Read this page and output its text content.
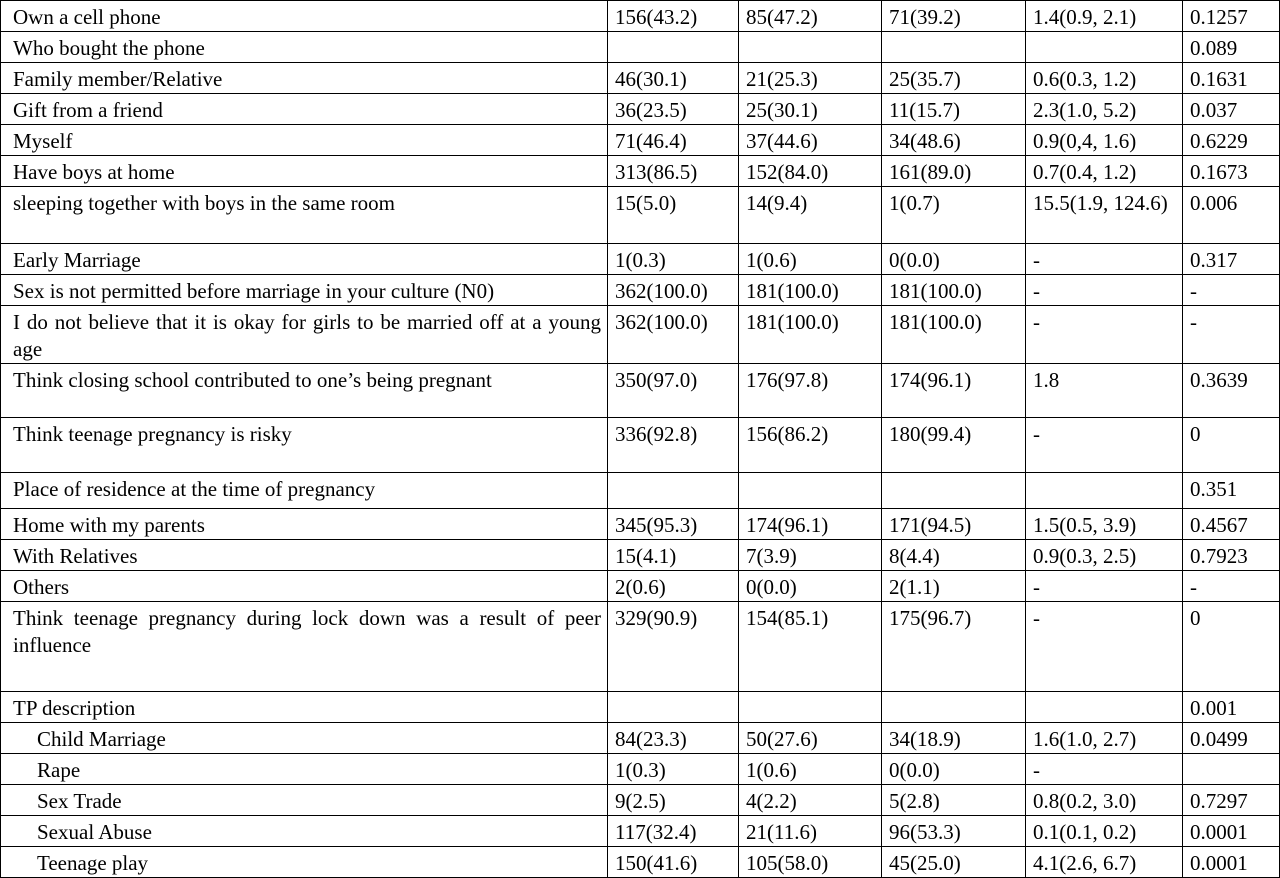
Own a cell phone	156(43.2)	85(47.2)	71(39.2)	1.4(0.9, 2.1)	0.1257
Who bought the phone					0.089
Family member/Relative	46(30.1)	21(25.3)	25(35.7)	0.6(0.3, 1.2)	0.1631
Gift from a friend	36(23.5)	25(30.1)	11(15.7)	2.3(1.0, 5.2)	0.037
Myself	71(46.4)	37(44.6)	34(48.6)	0.9(0,4, 1.6)	0.6229
Have boys at home	313(86.5)	152(84.0)	161(89.0)	0.7(0.4, 1.2)	0.1673
sleeping together with boys in the same room	15(5.0)	14(9.4)	1(0.7)	15.5(1.9, 124.6)	0.006
Early Marriage	1(0.3)	1(0.6)	0(0.0)	-	0.317
Sex is not permitted before marriage in your culture (N0)	362(100.0)	181(100.0)	181(100.0)	-	-
I do not believe that it is okay for girls to be married off at a young age	362(100.0)	181(100.0)	181(100.0)	-	-
Think closing school contributed to one’s being pregnant	350(97.0)	176(97.8)	174(96.1)	1.8	0.3639
Think teenage pregnancy is risky	336(92.8)	156(86.2)	180(99.4)	-	0
Place of residence at the time of pregnancy					0.351
Home with my parents	345(95.3)	174(96.1)	171(94.5)	1.5(0.5, 3.9)	0.4567
With Relatives	15(4.1)	7(3.9)	8(4.4)	0.9(0.3, 2.5)	0.7923
Others	2(0.6)	0(0.0)	2(1.1)	-	-
Think teenage pregnancy during lock down was a result of peer influence	329(90.9)	154(85.1)	175(96.7)	-	0
TP description					0.001
Child Marriage	84(23.3)	50(27.6)	34(18.9)	1.6(1.0, 2.7)	0.0499
Rape	1(0.3)	1(0.6)	0(0.0)	-	
Sex Trade	9(2.5)	4(2.2)	5(2.8)	0.8(0.2, 3.0)	0.7297
Sexual Abuse	117(32.4)	21(11.6)	96(53.3)	0.1(0.1, 0.2)	0.0001
Teenage play	150(41.6)	105(58.0)	45(25.0)	4.1(2.6, 6.7)	0.0001
